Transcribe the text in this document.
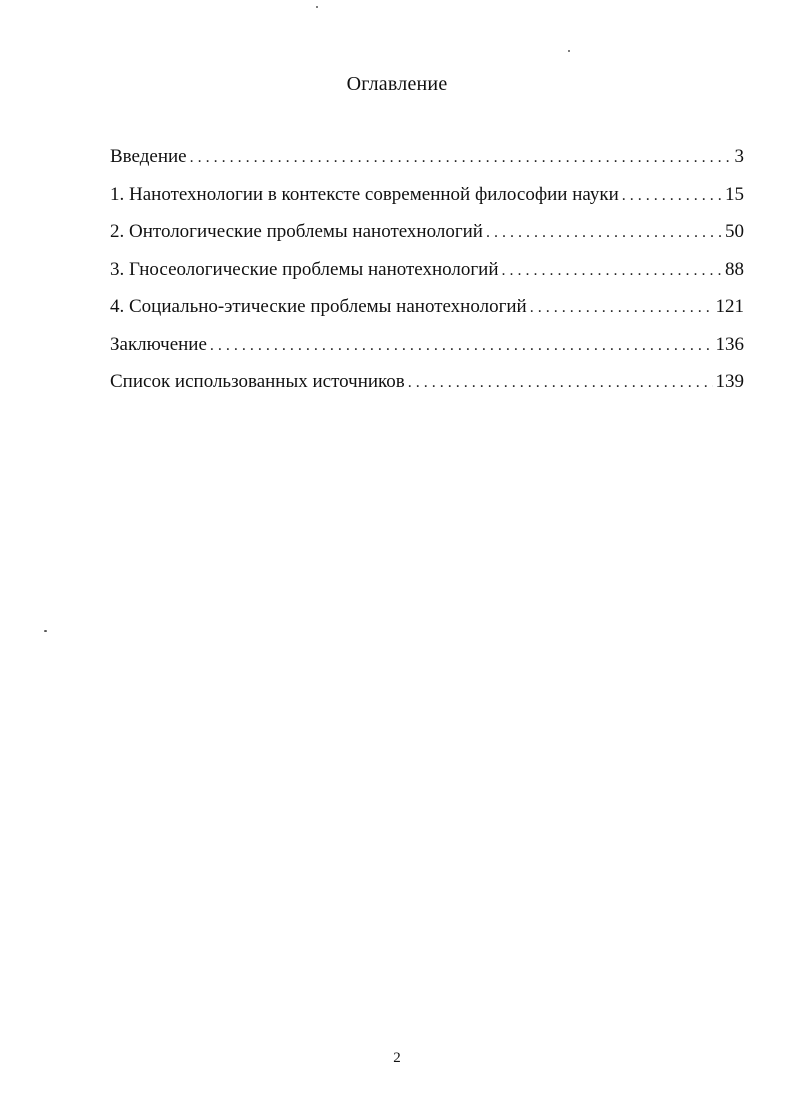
Оглавление
Введение . . .	3
1. Нанотехнологии в контексте современной философии науки . . .	15
2. Онтологические проблемы нанотехнологий . . .	50
3. Гносеологические проблемы нанотехнологий . . .	88
4. Социально-этические проблемы нанотехнологий . . .	121
Заключение . . .	136
Список использованных источников . . .	139
2
